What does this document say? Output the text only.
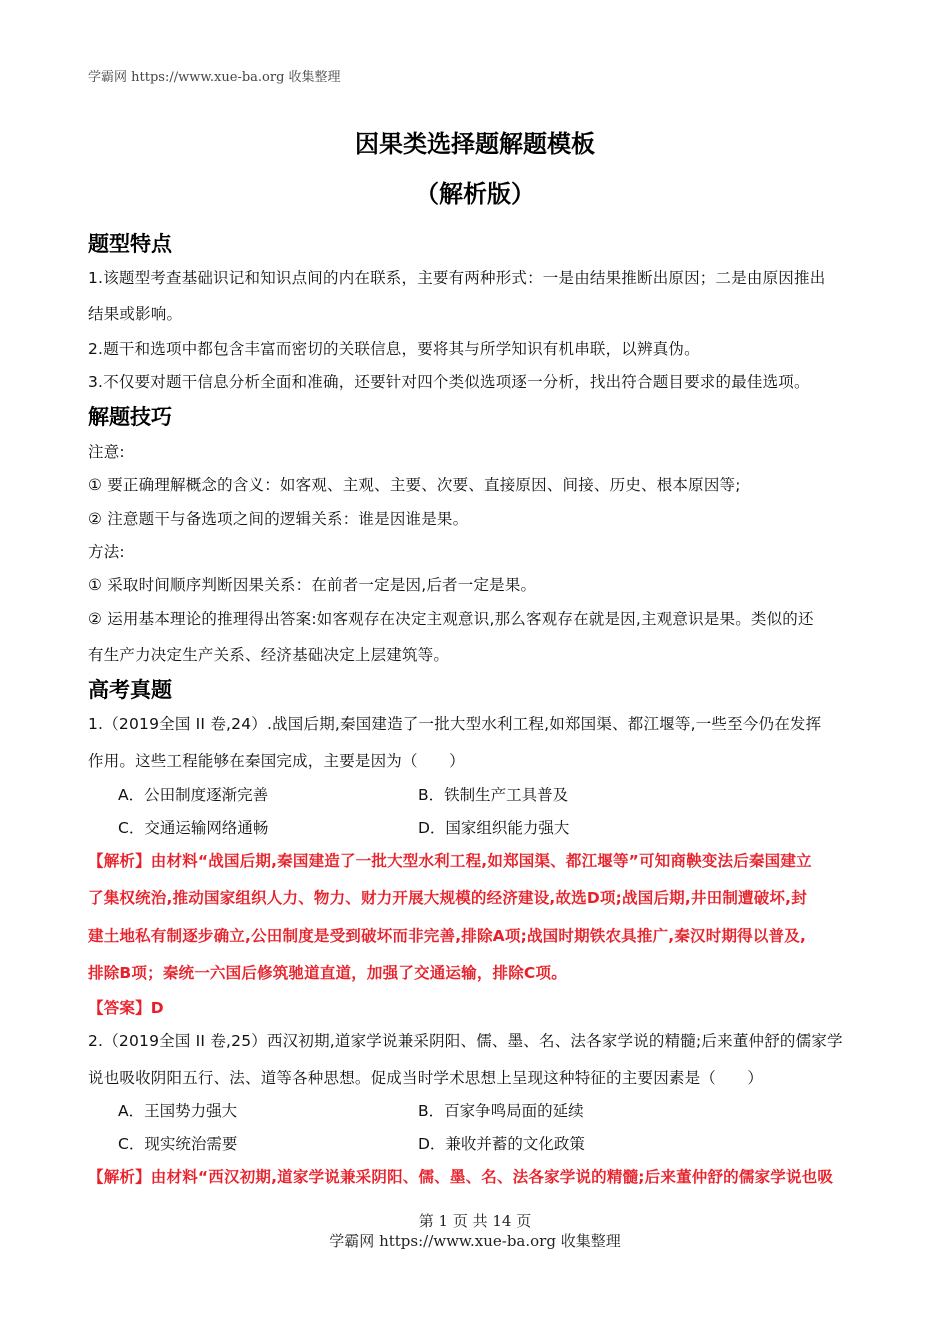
学霸网 https://www.xue-ba.org 收集整理
因果类选择题解题模板
（解析版）
题型特点
1.该题型考查基础识记和知识点间的内在联系，主要有两种形式：一是由结果推断出原因；二是由原因推出
结果或影响。
2.题干和选项中都包含丰富而密切的关联信息，要将其与所学知识有机串联，以辨真伪。
3.不仅要对题干信息分析全面和准确，还要针对四个类似选项逐一分析，找出符合题目要求的最佳选项。
解题技巧
注意:
① 要正确理解概念的含义：如客观、主观、主要、次要、直接原因、间接、历史、根本原因等;
② 注意题干与备选项之间的逻辑关系：谁是因谁是果。
方法:
① 采取时间顺序判断因果关系：在前者一定是因,后者一定是果。
② 运用基本理论的推理得出答案:如客观存在决定主观意识,那么客观存在就是因,主观意识是果。类似的还
有生产力决定生产关系、经济基础决定上层建筑等。
高考真题
1.（2019全国 II 卷,24）.战国后期,秦国建造了一批大型水利工程,如郑国渠、都江堰等,一些至今仍在发挥
作用。这些工程能够在秦国完成，主要是因为（　　）
A．公田制度逐渐完善	B．铁制生产工具普及
C．交通运输网络通畅	D．国家组织能力强大
【解析】由材料“战国后期,秦国建造了一批大型水利工程,如郑国渠、都江堰等”可知商鞅变法后秦国建立
了集权统治,推动国家组织人力、物力、财力开展大规模的经济建设,故选D项;战国后期,井田制遭破坏,封
建土地私有制逐步确立,公田制度是受到破坏而非完善,排除A项;战国时期铁农具推广,秦汉时期得以普及,
排除B项；秦统一六国后修筑驰道直道，加强了交通运输，排除C项。
【答案】D
2.（2019全国 II 卷,25）西汉初期,道家学说兼采阴阳、儒、墨、名、法各家学说的精髓;后来董仲舒的儒家学
说也吸收阴阳五行、法、道等各种思想。促成当时学术思想上呈现这种特征的主要因素是（　　）
A．王国势力强大	B．百家争鸣局面的延续
C．现实统治需要	D．兼收并蓄的文化政策
【解析】由材料“西汉初期,道家学说兼采阴阳、儒、墨、名、法各家学说的精髓;后来董仲舒的儒家学说也吸
第 1 页 共 14 页
学霸网 https://www.xue-ba.org 收集整理
